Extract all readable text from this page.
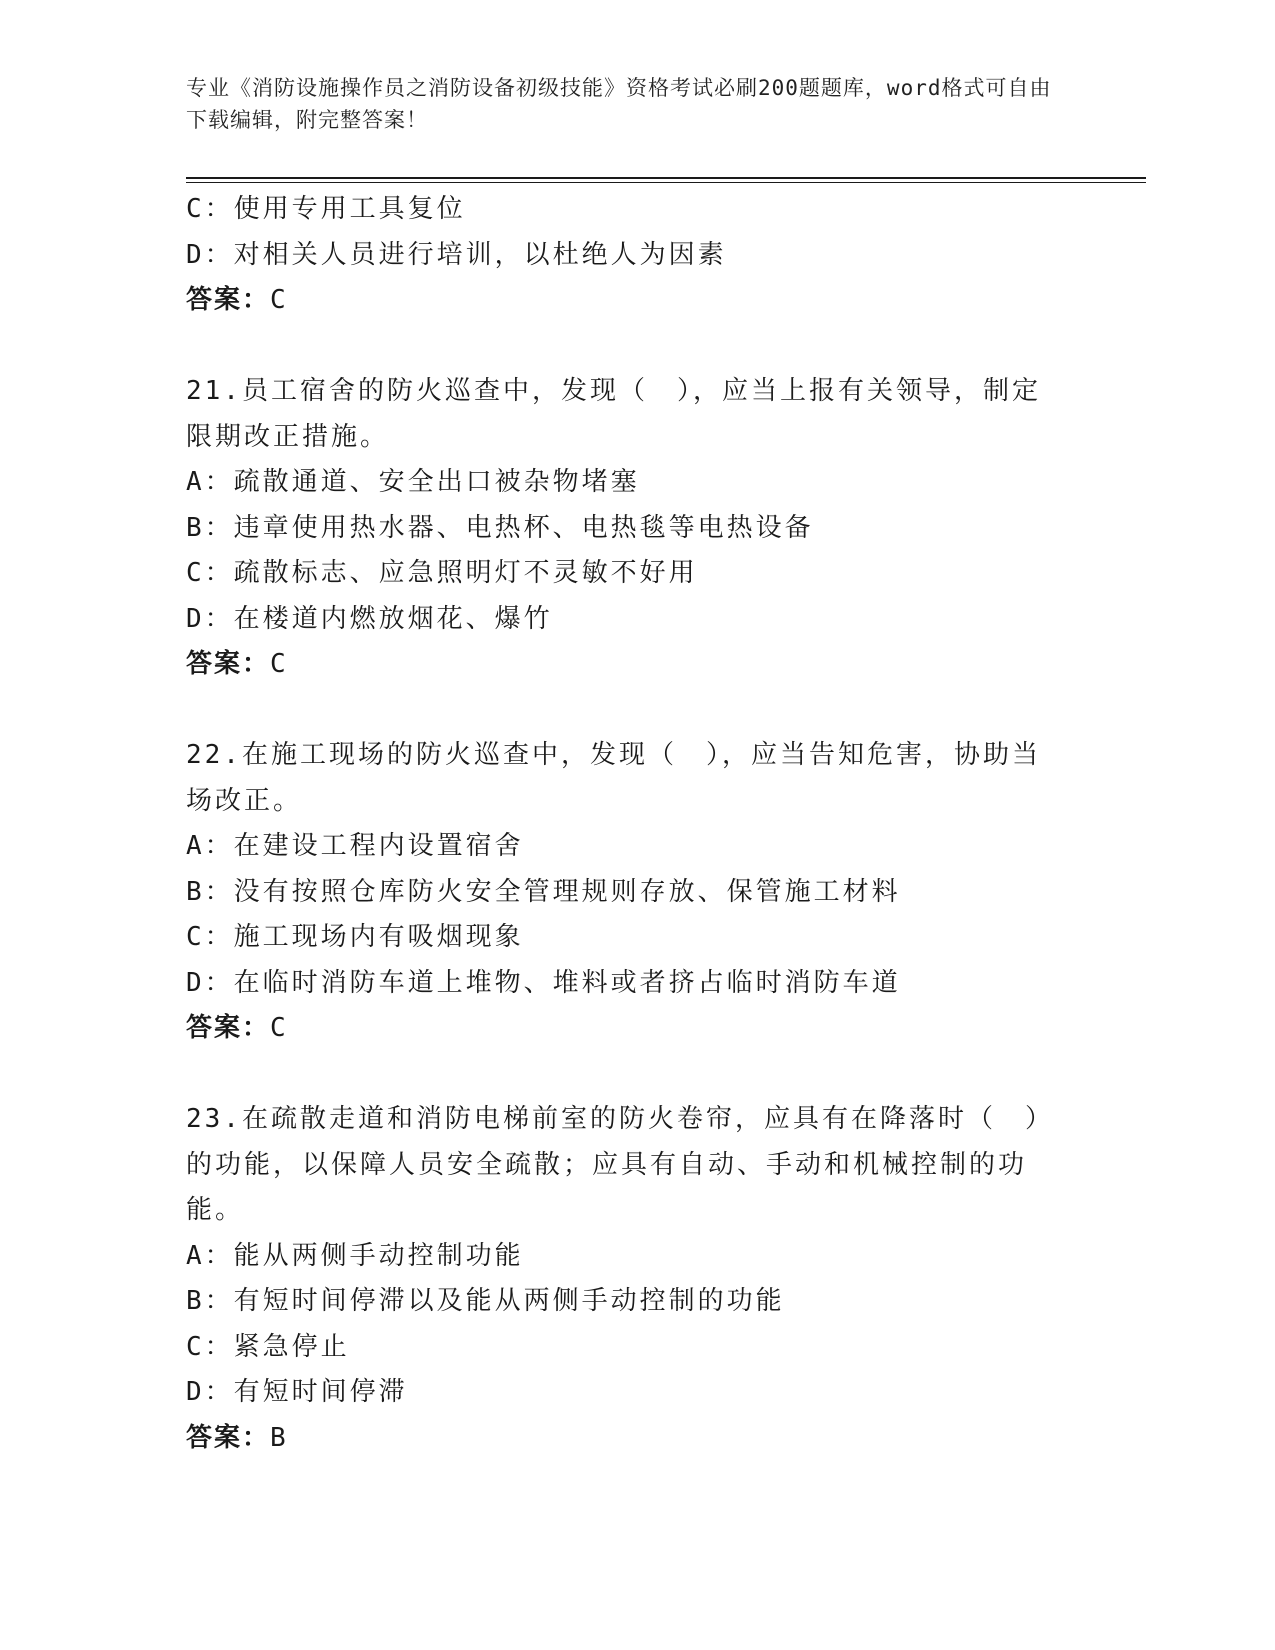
专业《消防设施操作员之消防设备初级技能》资格考试必刷200题题库，word格式可自由下载编辑，附完整答案！
C：使用专用工具复位
D：对相关人员进行培训，以杜绝人为因素
答案：C
21.员工宿舍的防火巡查中，发现（　），应当上报有关领导，制定限期改正措施。
A：疏散通道、安全出口被杂物堵塞
B：违章使用热水器、电热杯、电热毯等电热设备
C：疏散标志、应急照明灯不灵敏不好用
D：在楼道内燃放烟花、爆竹
答案：C
22.在施工现场的防火巡查中，发现（　），应当告知危害，协助当场改正。
A：在建设工程内设置宿舍
B：没有按照仓库防火安全管理规则存放、保管施工材料
C：施工现场内有吸烟现象
D：在临时消防车道上堆物、堆料或者挤占临时消防车道
答案：C
23.在疏散走道和消防电梯前室的防火卷帘，应具有在降落时（　）的功能，以保障人员安全疏散；应具有自动、手动和机械控制的功能。
A：能从两侧手动控制功能
B：有短时间停滞以及能从两侧手动控制的功能
C：紧急停止
D：有短时间停滞
答案：B
